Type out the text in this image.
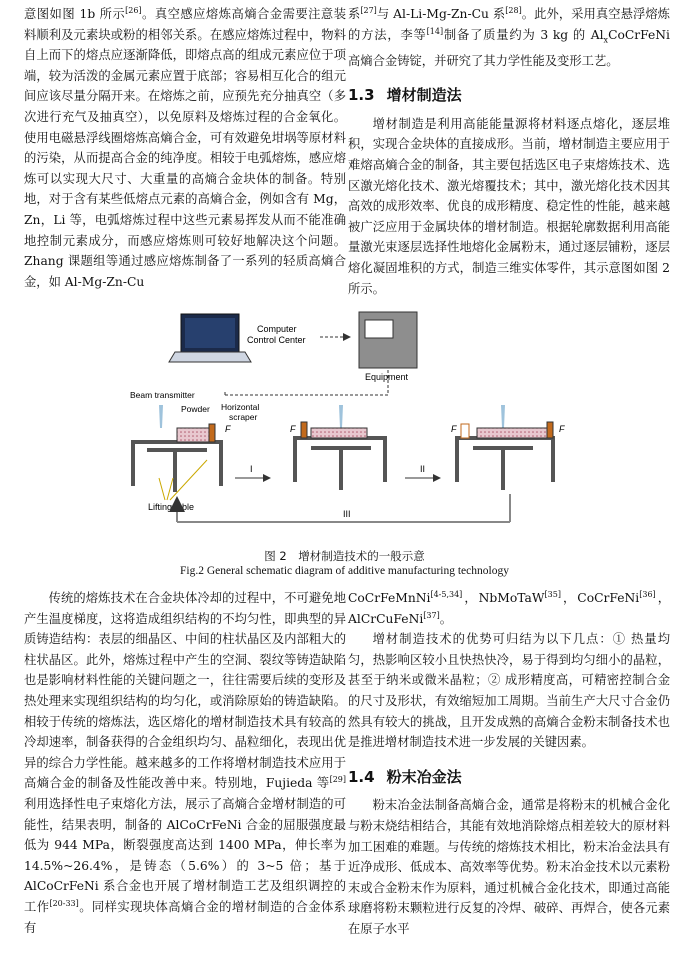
意图如图 1b 所示[26]。真空感应熔炼高熵合金需要注意装料顺利及元素块或粉的相邻关系。在感应熔炼过程中，物料自上而下的熔点应逐渐降低，即熔点高的组成元素应位于项端，较为活泼的金属元素应置于底部；容易相互化合的组元间应该尽量分隔开来。在熔炼之前，应预先充分抽真空（多次进行充气及抽真空），以免原料及熔炼过程的合金氧化。使用电磁悬浮线圈熔炼高熵合金，可有效避免坩埚等原材料的污染，从而提高合金的纯净度。相较于电弧熔炼，感应熔炼可以实现大尺寸、大重量的高熵合金块体的制备。特别地，对于含有某些低熔点元素的高熵合金，例如含有 Mg，Zn，Li 等，电弧熔炼过程中这些元素易挥发从而不能准确地控制元素成分，而感应熔炼则可较好地解决这个问题。Zhang 课题组等通过感应熔炼制备了一系列的轻质高熵合金，如 Al-Mg-Zn-Cu

系[27]与 Al-Li-Mg-Zn-Cu 系[28]。此外，采用真空悬浮熔炼的方法，李等[14]制备了质量约为 3 kg 的 $Al_xCoCrFeNi$ 高熵合金铸锭，并研究了其力学性能及变形工艺。

1.3 增材制造法

增材制造是利用高能能量源将材料逐点熔化，逐层堆积，实现合金块体的直接成形。当前，增材制造主要应用于难熔高熵合金的制备，其主要包括选区电子束熔炼技术、选区激光熔化技术、激光熔覆技术；其中，激光熔化技术因其高效的成形效率、优良的成形精度、稳定性的性能，越来越被广泛应用于金属块体的增材制造。根据轮廓数据利用高能量激光束逐层选择性地熔化金属粉末，通过逐层铺粉，逐层熔化凝固堆积的方式，制造三维实体零件，其示意图如图 2 所示。

Computer Control Center
Equipment
Beam transmitter
Powder Horizontal scraper
F
Lifting table
I
F
II
F	F
III
图 2　增材制造技术的一般示意
Fig.2 General schematic diagram of additive manufacturing technology

传统的熔炼技术在合金块体冷却的过程中，不可避免地产生温度梯度，这将造成组织结构的不均匀性，即典型的异质铸造结构：表层的细晶区、中间的柱状晶区及内部粗大的柱状晶区。此外，熔炼过程中产生的空洞、裂纹等铸造缺陷也是影响材料性能的关键问题之一，往往需要后续的变形及热处理来实现组织结构的均匀化，或消除原始的铸造缺陷。相较于传统的熔炼法，选区熔化的增材制造技术具有较高的冷却速率，制备获得的合金组织均匀、晶粒细化，表现出优异的综合力学性能。越来越多的工作将增材制造技术应用于高熵合金的制备及性能改善中来。特别地，Fujieda 等[29]利用选择性电子束熔化方法，展示了高熵合金增材制造的可能性，结果表明，制备的 AlCoCrFeNi 合金的屈服强度最低为 944 MPa，断裂强度高达到 1400 MPa，伸长率为 14.5%~26.4%，是铸态（5.6%）的 3~5 倍；基于 AlCoCrFeNi 系合金也开展了增材制造工艺及组织调控的工作[20-33]。同样实现块体高熵合金的增材制造的合金体系有

CoCrFeMnNi[4-5,34]，NbMoTaW[35]，CoCrFeNi[36]，AlCrCuFeNi[37]。

增材制造技术的优势可归结为以下几点：① 热量均匀，热影响区较小且快热快冷，易于得到均匀细小的晶粒，甚至于纳米或微米晶粒；② 成形精度高，可精密控制合金的尺寸及形状，有效缩短加工周期。当前生产大尺寸合金仍然具有较大的挑战，且开发成熟的高熵合金粉末制备技术也是推进增材制造技术进一步发展的关键因素。

1.4 粉末冶金法

粉末冶金法制备高熵合金，通常是将粉末的机械合金化与粉末烧结相结合，其能有效地消除熔点相差较大的原材料加工困难的难题。与传统的熔炼技术相比，粉末冶金法具有近净成形、低成本、高效率等优势。粉末冶金技术以元素粉末或合金粉末作为原料，通过机械合金化技术，即通过高能球磨将粉末颗粒进行反复的冷焊、破碎、再焊合，使各元素在原子水平
